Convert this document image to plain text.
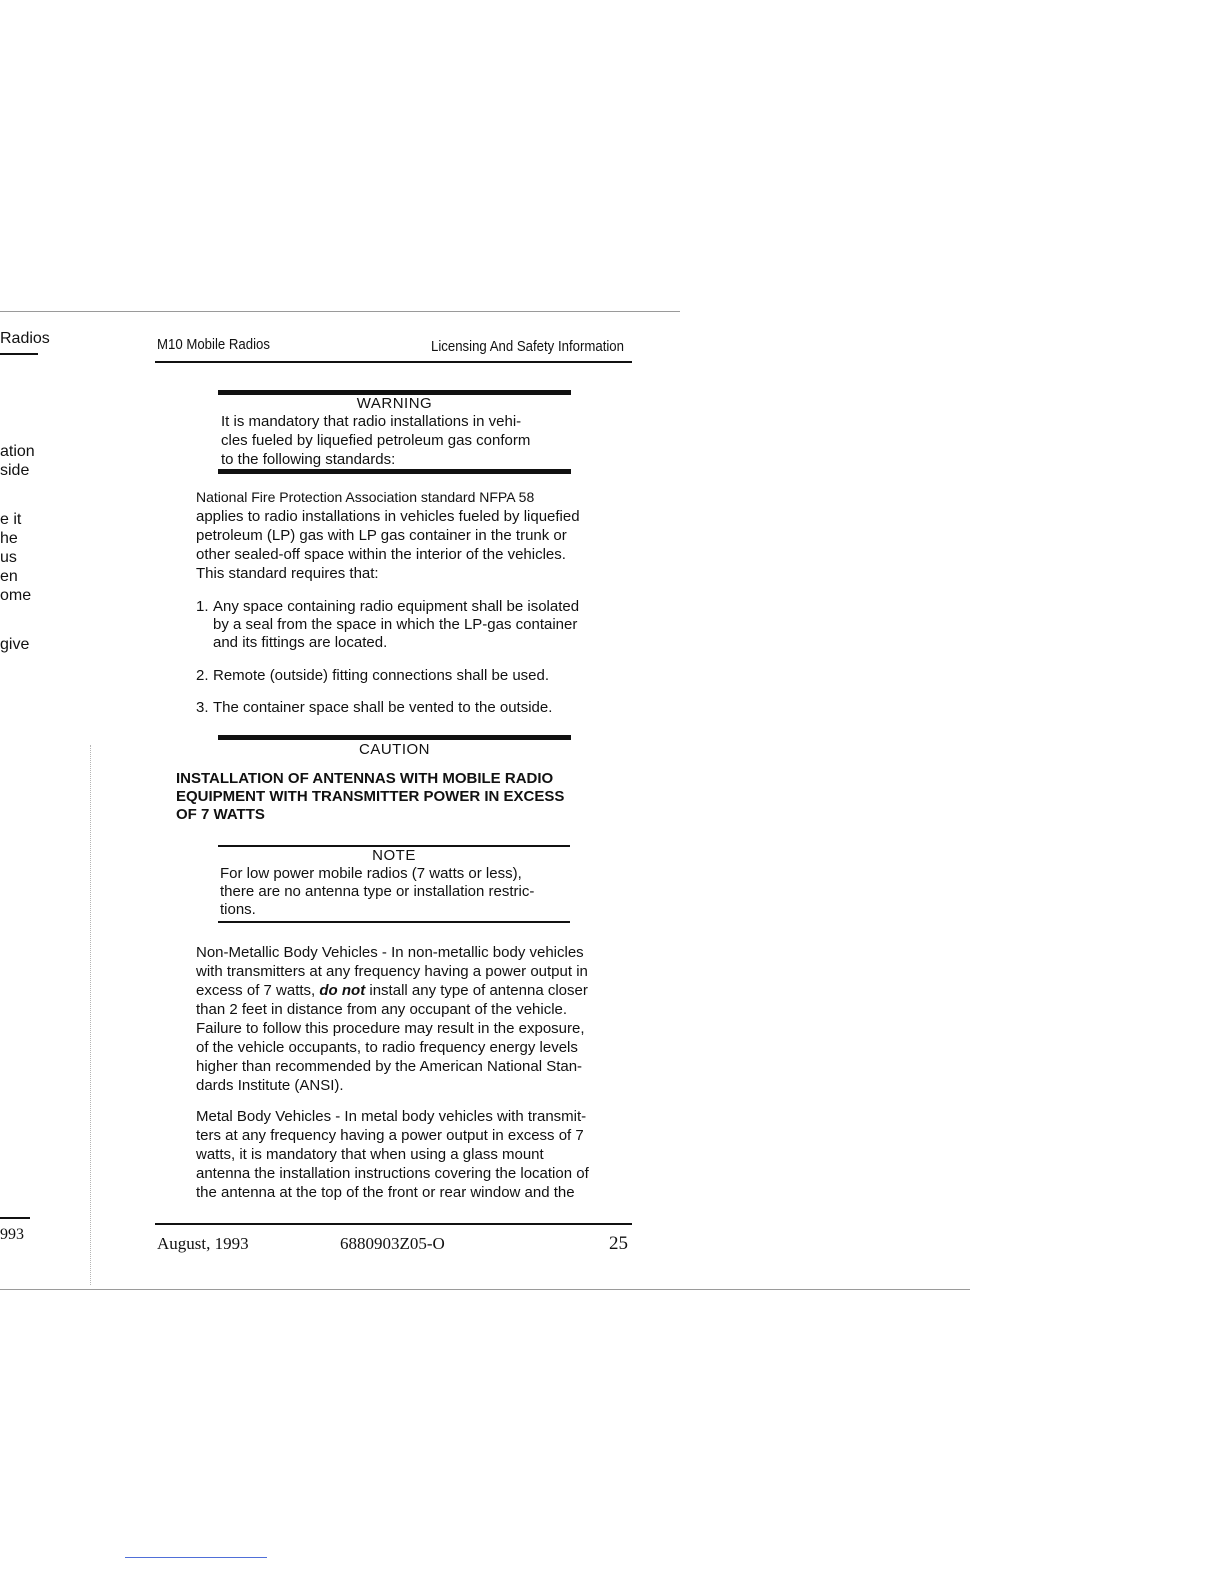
Radios
ation
side
e it
he
us
en
ome
give
993
M10 Mobile Radios	Licensing And Safety Information
WARNING
It is mandatory that radio installations in vehi-
cles fueled by liquefied petroleum gas conform
to the following standards:
National Fire Protection Association standard NFPA 58
applies to radio installations in vehicles fueled by liquefied
petroleum (LP) gas with LP gas container in the trunk or
other sealed-off space within the interior of the vehicles.
This standard requires that:
1. Any space containing radio equipment shall be isolated
by a seal from the space in which the LP-gas container
and its fittings are located.
2. Remote (outside) fitting connections shall be used.
3. The container space shall be vented to the outside.
CAUTION
INSTALLATION OF ANTENNAS WITH MOBILE RADIO
EQUIPMENT WITH TRANSMITTER POWER IN EXCESS
OF 7 WATTS
NOTE
For low power mobile radios (7 watts or less),
there are no antenna type or installation restric-
tions.
Non-Metallic Body Vehicles - In non-metallic body vehicles
with transmitters at any frequency having a power output in
excess of 7 watts, do not install any type of antenna closer
than 2 feet in distance from any occupant of the vehicle.
Failure to follow this procedure may result in the exposure,
of the vehicle occupants, to radio frequency energy levels
higher than recommended by the American National Stan-
dards Institute (ANSI).
Metal Body Vehicles - In metal body vehicles with transmit-
ters at any frequency having a power output in excess of 7
watts, it is mandatory that when using a glass mount
antenna the installation instructions covering the location of
the antenna at the top of the front or rear window and the
August, 1993	6880903Z05-O	25
